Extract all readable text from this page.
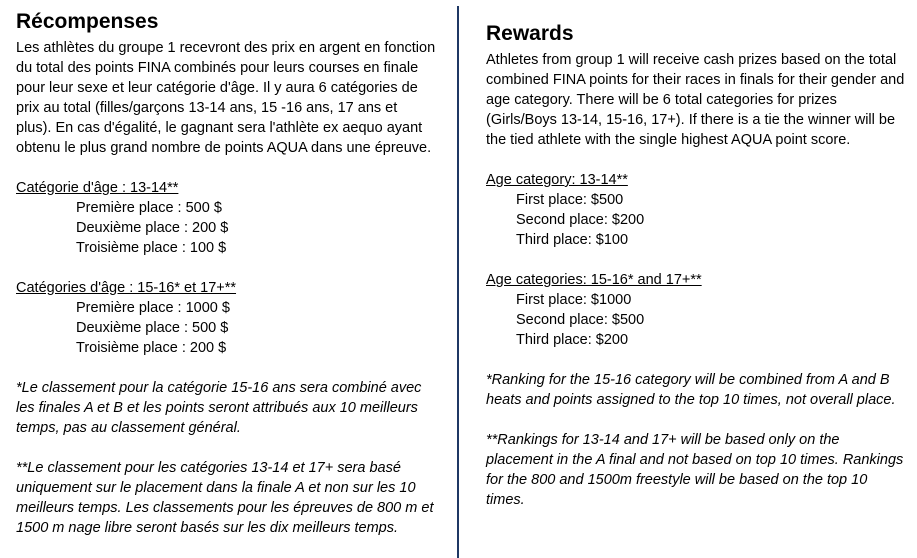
Récompenses

Les athlètes du groupe 1 recevront des prix en argent en fonction du total des points FINA combinés pour leurs courses en finale pour leur sexe et leur catégorie d'âge. Il y aura 6 catégories de prix au total (filles/garçons 13-14 ans, 15 -16 ans, 17 ans et plus). En cas d'égalité, le gagnant sera l'athlète ex aequo ayant obtenu le plus grand nombre de points AQUA dans une épreuve.

Catégorie d'âge : 13-14**

Première place : 500 $

Deuxième place : 200 $

Troisième place : 100 $

Catégories d'âge : 15-16* et 17+**

Première place : 1000 $

Deuxième place : 500 $

Troisième place : 200 $

*Le classement pour la catégorie 15-16 ans sera combiné avec les finales A et B et les points seront attribués aux 10 meilleurs temps, pas au classement général.

**Le classement pour les catégories 13-14 et 17+ sera basé uniquement sur le placement dans la finale A et non sur les 10 meilleurs temps. Les classements pour les épreuves de 800 m et 1500 m nage libre seront basés sur les dix meilleurs temps.

Rewards

Athletes from group 1 will receive cash prizes based on the total combined FINA points for their races in finals for their gender and age category. There will be 6 total categories for prizes (Girls/Boys 13-14, 15-16, 17+). If there is a tie the winner will be the tied athlete with the single highest AQUA point score.

Age category: 13-14**

First place: $500

Second place: $200

Third place: $100

Age categories: 15-16* and 17+**

First place: $1000

Second place: $500

Third place: $200

*Ranking for the 15-16 category will be combined from A and B heats and points assigned to the top 10 times, not overall place.

**Rankings for 13-14 and 17+ will be based only on the placement in the A final and not based on top 10 times. Rankings for the 800 and 1500m freestyle will be based on the top 10 times.
